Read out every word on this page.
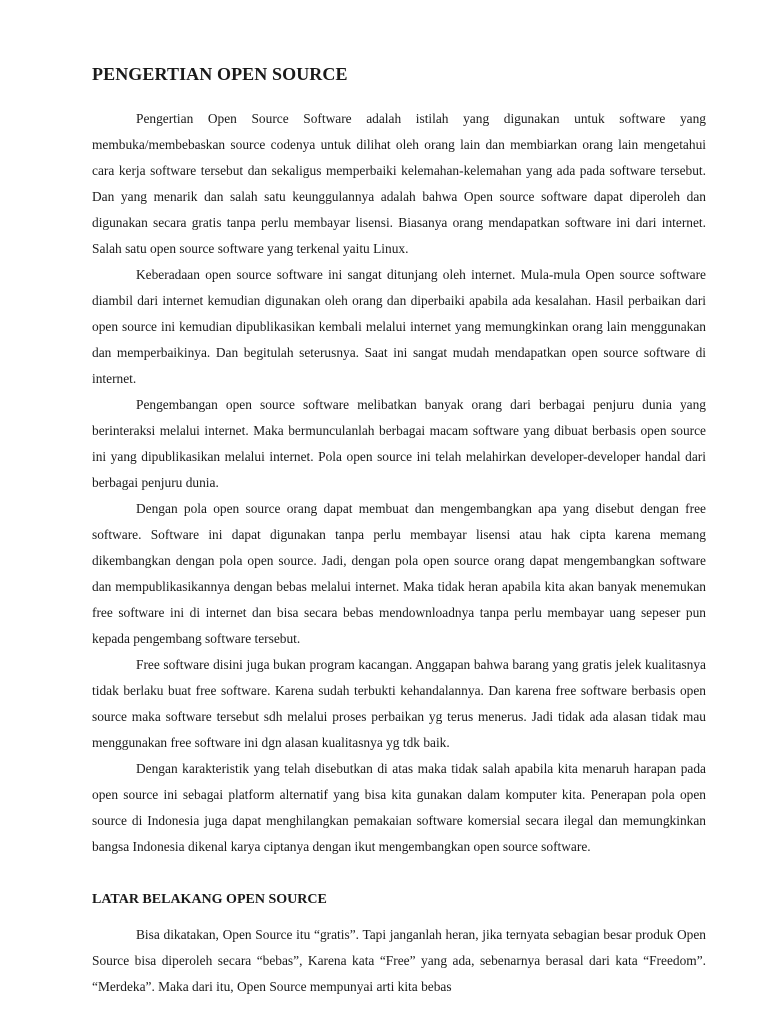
PENGERTIAN OPEN SOURCE

Pengertian Open Source Software adalah istilah yang digunakan untuk software yang membuka/membebaskan source codenya untuk dilihat oleh orang lain dan membiarkan orang lain mengetahui cara kerja software tersebut dan sekaligus memperbaiki kelemahan-kelemahan yang ada pada software tersebut. Dan yang menarik dan salah satu keunggulannya adalah bahwa Open source software dapat diperoleh dan digunakan secara gratis tanpa perlu membayar lisensi. Biasanya orang mendapatkan software ini dari internet. Salah satu open source software yang terkenal yaitu Linux.

Keberadaan open source software ini sangat ditunjang oleh internet. Mula-mula Open source software diambil dari internet kemudian digunakan oleh orang dan diperbaiki apabila ada kesalahan. Hasil perbaikan dari open source ini kemudian dipublikasikan kembali melalui internet yang memungkinkan orang lain menggunakan dan memperbaikinya. Dan begitulah seterusnya. Saat ini sangat mudah mendapatkan open source software di internet.

Pengembangan open source software melibatkan banyak orang dari berbagai penjuru dunia yang berinteraksi melalui internet. Maka bermunculanlah berbagai macam software yang dibuat berbasis open source ini yang dipublikasikan melalui internet. Pola open source ini telah melahirkan developer-developer handal dari berbagai penjuru dunia.

Dengan pola open source orang dapat membuat dan mengembangkan apa yang disebut dengan free software. Software ini dapat digunakan tanpa perlu membayar lisensi atau hak cipta karena memang dikembangkan dengan pola open source. Jadi, dengan pola open source orang dapat mengembangkan software dan mempublikasikannya dengan bebas melalui internet. Maka tidak heran apabila kita akan banyak menemukan free software ini di internet dan bisa secara bebas mendownloadnya tanpa perlu membayar uang sepeser pun kepada pengembang software tersebut.

Free software disini juga bukan program kacangan. Anggapan bahwa barang yang gratis jelek kualitasnya tidak berlaku buat free software. Karena sudah terbukti kehandalannya. Dan karena free software berbasis open source maka software tersebut sdh melalui proses perbaikan yg terus menerus. Jadi tidak ada alasan tidak mau menggunakan free software ini dgn alasan kualitasnya yg tdk baik.

Dengan karakteristik yang telah disebutkan di atas maka tidak salah apabila kita menaruh harapan pada open source ini sebagai platform alternatif yang bisa kita gunakan dalam komputer kita. Penerapan pola open source di Indonesia juga dapat menghilangkan pemakaian software komersial secara ilegal dan memungkinkan bangsa Indonesia dikenal karya ciptanya dengan ikut mengembangkan open source software.

LATAR BELAKANG OPEN SOURCE

Bisa dikatakan, Open Source itu “gratis”. Tapi janganlah heran, jika ternyata sebagian besar produk Open Source bisa diperoleh secara “bebas”, Karena kata “Free” yang ada, sebenarnya berasal dari kata “Freedom”. “Merdeka”. Maka dari itu, Open Source mempunyai arti kita bebas
